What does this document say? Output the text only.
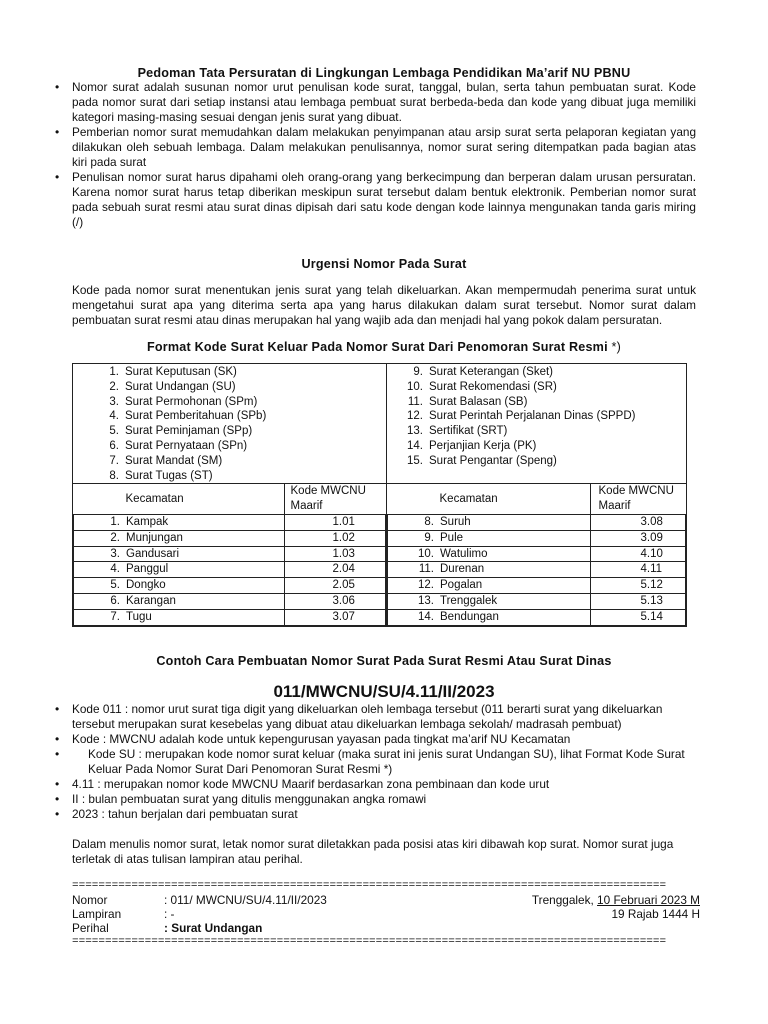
Pedoman Tata Persuratan di Lingkungan Lembaga Pendidikan Ma’arif NU PBNU
• Nomor surat adalah susunan nomor urut penulisan kode surat, tanggal, bulan, serta tahun pembuatan surat. Kode pada nomor surat dari setiap instansi atau lembaga pembuat surat berbeda-beda dan kode yang dibuat juga memiliki kategori masing-masing sesuai dengan jenis surat yang dibuat.
• Pemberian nomor surat memudahkan dalam melakukan penyimpanan atau arsip surat serta pelaporan kegiatan yang dilakukan oleh sebuah lembaga. Dalam melakukan penulisannya, nomor surat sering ditempatkan pada bagian atas kiri pada surat
• Penulisan nomor surat harus dipahami oleh orang-orang yang berkecimpung dan berperan dalam urusan persuratan. Karena nomor surat harus tetap diberikan meskipun surat tersebut dalam bentuk elektronik. Pemberian nomor surat pada sebuah surat resmi atau surat dinas dipisah dari satu kode dengan kode lainnya mengunakan tanda garis miring (/)
Urgensi Nomor Pada Surat
Kode pada nomor surat menentukan jenis surat yang telah dikeluarkan. Akan mempermudah penerima surat untuk mengetahui surat apa yang diterima serta apa yang harus dilakukan dalam surat tersebut. Nomor surat dalam pembuatan surat resmi atau dinas merupakan hal yang wajib ada dan menjadi hal yang pokok dalam persuratan.
Format Kode Surat Keluar Pada Nomor Surat Dari Penomoran Surat Resmi *)
1. Surat Keputusan (SK)
2. Surat Undangan (SU)
3. Surat Permohonan (SPm)
4. Surat Pemberitahuan (SPb)
5. Surat Peminjaman (SPp)
6. Surat Pernyataan (SPn)
7. Surat Mandat (SM)
8. Surat Tugas (ST)

9. Surat Keterangan (Sket)
10. Surat Rekomendasi (SR)
11. Surat Balasan (SB)
12. Surat Perintah Perjalanan Dinas (SPPD)
13. Sertifikat (SRT)
14. Perjanjian Kerja (PK)
15. Surat Pengantar (Speng)

Kecamatan	Kode MWCNU Maarif

1. Kampak	1.01

2. Munjungan	1.02

3. Gandusari	1.03

4. Panggul	2.04

5. Dongko	2.05

6. Karangan	3.06

7. Tugu	3.07

Kecamatan	Kode MWCNU Maarif

8. Suruh	3.08

9. Pule	3.09

10. Watulimo	4.10

11. Durenan	4.11

12. Pogalan	5.12

13. Trenggalek	5.13

14. Bendungan	5.14
Contoh Cara Pembuatan Nomor Surat Pada Surat Resmi Atau Surat Dinas
011/MWCNU/SU/4.11/II/2023
• Kode 011 : nomor urut surat tiga digit yang dikeluarkan oleh lembaga tersebut (011 berarti surat yang dikeluarkan tersebut merupakan surat kesebelas yang dibuat atau dikeluarkan lembaga sekolah/ madrasah pembuat)
• Kode : MWCNU adalah kode untuk kepengurusan yayasan pada tingkat ma’arif NU Kecamatan
• Kode SU : merupakan kode nomor surat keluar (maka surat ini jenis surat Undangan SU), lihat Format Kode Surat Keluar Pada Nomor Surat Dari Penomoran Surat Resmi *)
• 4.11 : merupakan nomor kode MWCNU Maarif berdasarkan zona pembinaan dan kode urut
• II : bulan pembuatan surat yang ditulis menggunakan angka romawi
• 2023 : tahun berjalan dari pembuatan surat
Dalam menulis nomor surat, letak nomor surat diletakkan pada posisi atas kiri dibawah kop surat. Nomor surat juga terletak di atas tulisan lampiran atau perihal.
==========================================================================================
Nomor	: 011/ MWCNU/SU/4.11/II/2023
Lampiran	: -
Perihal	: Surat Undangan
Trenggalek, 10 Februari 2023 M
19 Rajab 1444 H
==========================================================================================
